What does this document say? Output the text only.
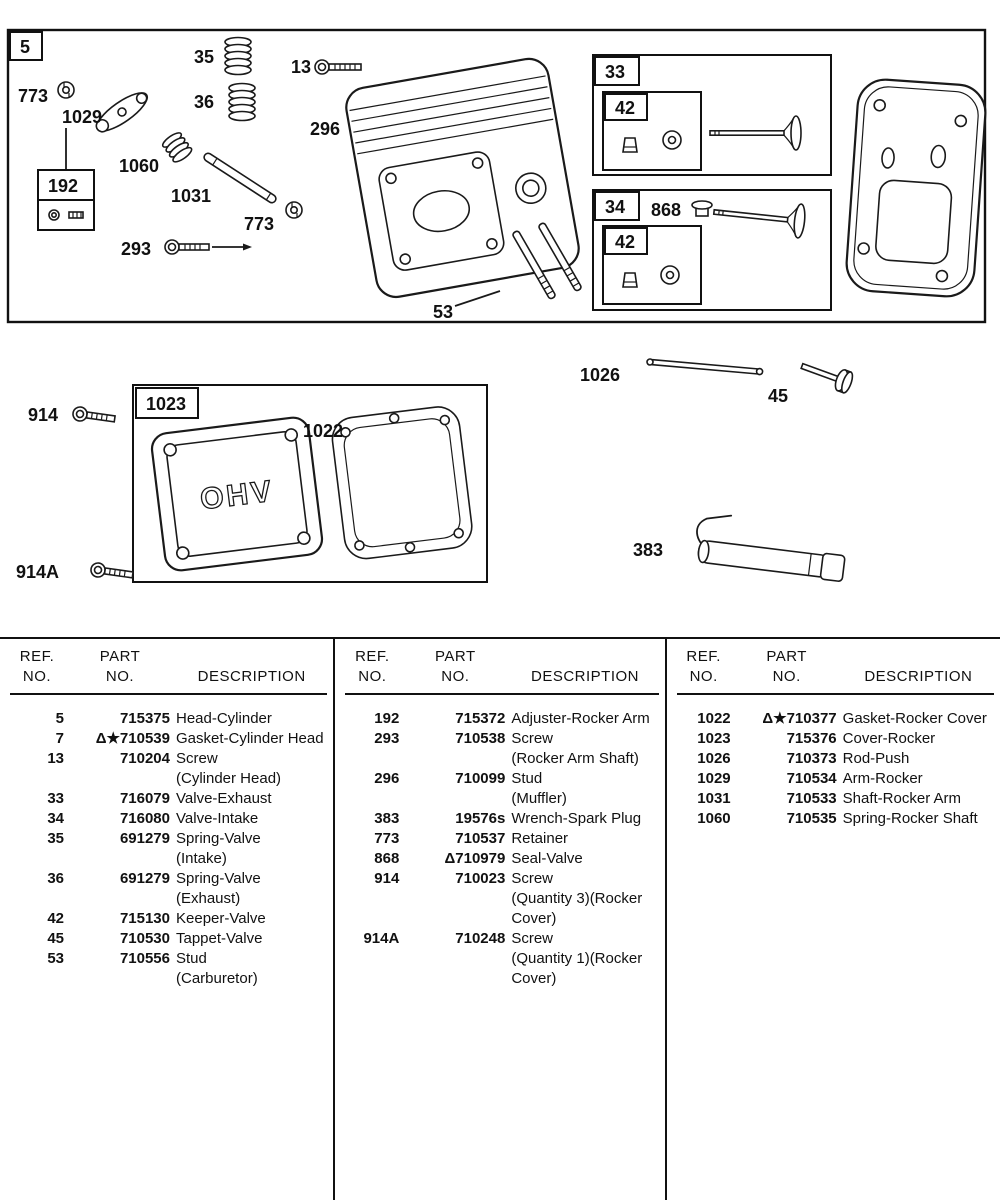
5
192
33
42
34 868
42
35	13
773
1029
36
296
1060
1031
773
293
53
914
1023
OHV
1022
914A
1026
45
383
REF.
NO.
PART
NO.	DESCRIPTION
5	715375 Head-Cylinder
7	Δ★710539 Gasket-Cylinder Head
13	710204 Screw
(Cylinder Head)
33	716079 Valve-Exhaust
34	716080 Valve-Intake
35	691279 Spring-Valve
(Intake)
36	691279 Spring-Valve
(Exhaust)
42	715130 Keeper-Valve
45	710530 Tappet-Valve
53	710556 Stud
(Carburetor)
REF.
NO.
PART
NO.	DESCRIPTION
192	715372 Adjuster-Rocker Arm
293	710538 Screw
(Rocker Arm Shaft)
296	710099 Stud
(Muffler)
383	19576s Wrench-Spark Plug
773	710537 Retainer
868	Δ710979 Seal-Valve
914	710023 Screw
(Quantity 3)(Rocker
Cover)
914A	710248 Screw
(Quantity 1)(Rocker
Cover)
REF.
NO.
PART
NO.	DESCRIPTION
1022	Δ★710377 Gasket-Rocker Cover
1023	715376 Cover-Rocker
1026	710373 Rod-Push
1029	710534 Arm-Rocker
1031	710533 Shaft-Rocker Arm
1060	710535 Spring-Rocker Shaft
